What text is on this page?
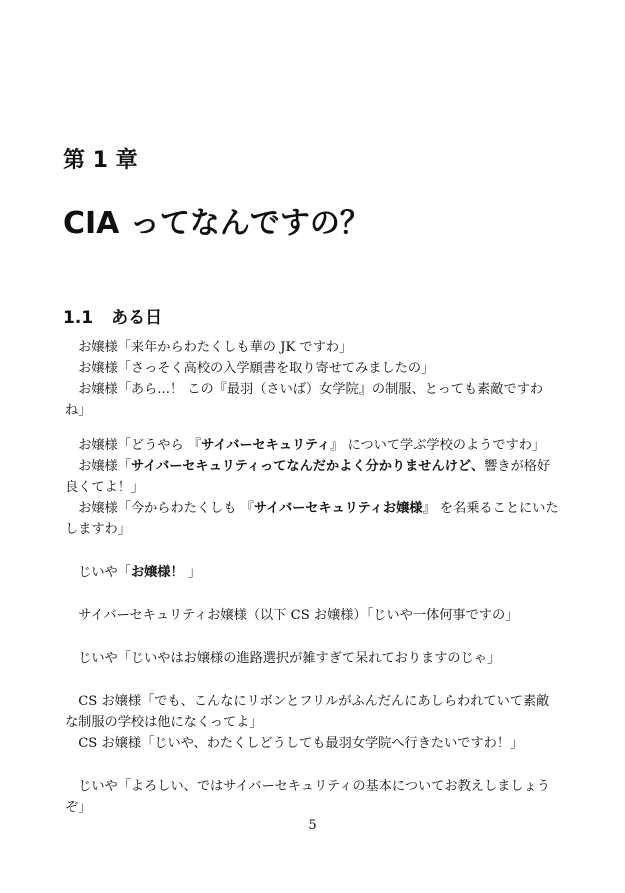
第 1 章
CIA ってなんですの？
1.1 ある日

お嬢様「来年からわたくしも華の JK ですわ」

お嬢様「さっそく高校の入学願書を取り寄せてみましたの」

お嬢様「あら...！ この『最羽（さいば）女学院』の制服、とっても素敵ですわね」

お嬢様「どうやら 『サイバーセキュリティ』 について学ぶ学校のようですわ」

お嬢様「サイバーセキュリティってなんだかよく分かりませんけど、響きが格好良くてよ！」

お嬢様「今からわたくしも 『サイバーセキュリティお嬢様』 を名乗ることにいたしますわ」

じいや「お嬢様！ 」

サイバーセキュリティお嬢様（以下 CS お嬢様）「じいや一体何事ですの」

じいや「じいやはお嬢様の進路選択が雑すぎて呆れておりますのじゃ」

CS お嬢様「でも、こんなにリボンとフリルがふんだんにあしらわれていて素敵な制服の学校は他になくってよ」

CS お嬢様「じいや、わたくしどうしても最羽女学院へ行きたいですわ！」

じいや「よろしい、ではサイバーセキュリティの基本についてお教えしましょうぞ」

5
